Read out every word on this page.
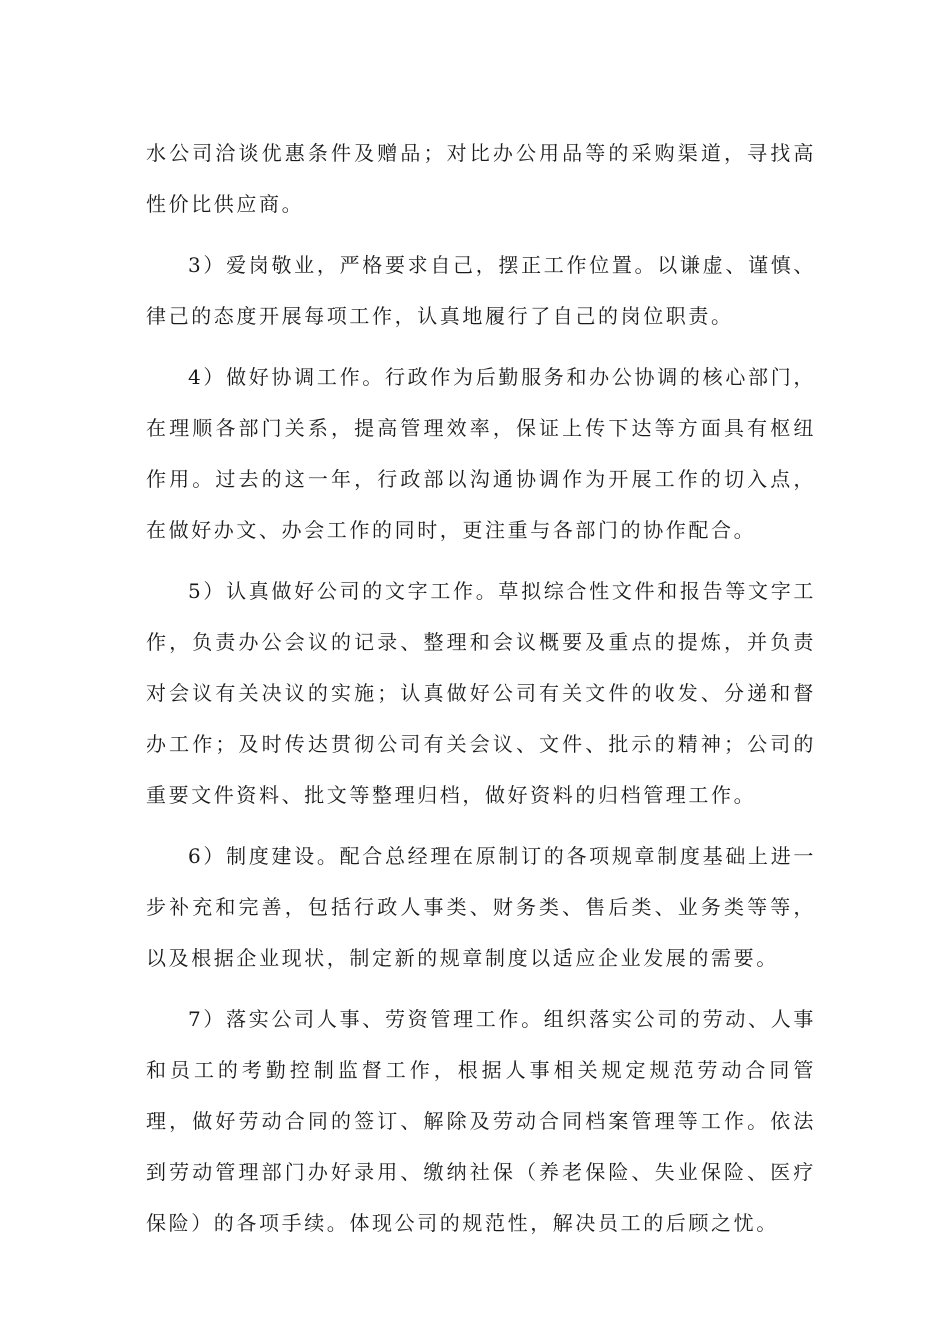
水公司洽谈优惠条件及赠品；对比办公用品等的采购渠道，寻找高性价比供应商。

3）爱岗敬业，严格要求自己，摆正工作位置。以谦虚、谨慎、律己的态度开展每项工作，认真地履行了自己的岗位职责。

4）做好协调工作。行政作为后勤服务和办公协调的核心部门，在理顺各部门关系，提高管理效率，保证上传下达等方面具有枢纽作用。过去的这一年，行政部以沟通协调作为开展工作的切入点，在做好办文、办会工作的同时，更注重与各部门的协作配合。

5）认真做好公司的文字工作。草拟综合性文件和报告等文字工作，负责办公会议的记录、整理和会议概要及重点的提炼，并负责对会议有关决议的实施；认真做好公司有关文件的收发、分递和督办工作；及时传达贯彻公司有关会议、文件、批示的精神；公司的重要文件资料、批文等整理归档，做好资料的归档管理工作。

6）制度建设。配合总经理在原制订的各项规章制度基础上进一步补充和完善，包括行政人事类、财务类、售后类、业务类等等，以及根据企业现状，制定新的规章制度以适应企业发展的需要。

7）落实公司人事、劳资管理工作。组织落实公司的劳动、人事和员工的考勤控制监督工作，根据人事相关规定规范劳动合同管理，做好劳动合同的签订、解除及劳动合同档案管理等工作。依法到劳动管理部门办好录用、缴纳社保（养老保险、失业保险、医疗保险）的各项手续。体现公司的规范性，解决员工的后顾之忧。
